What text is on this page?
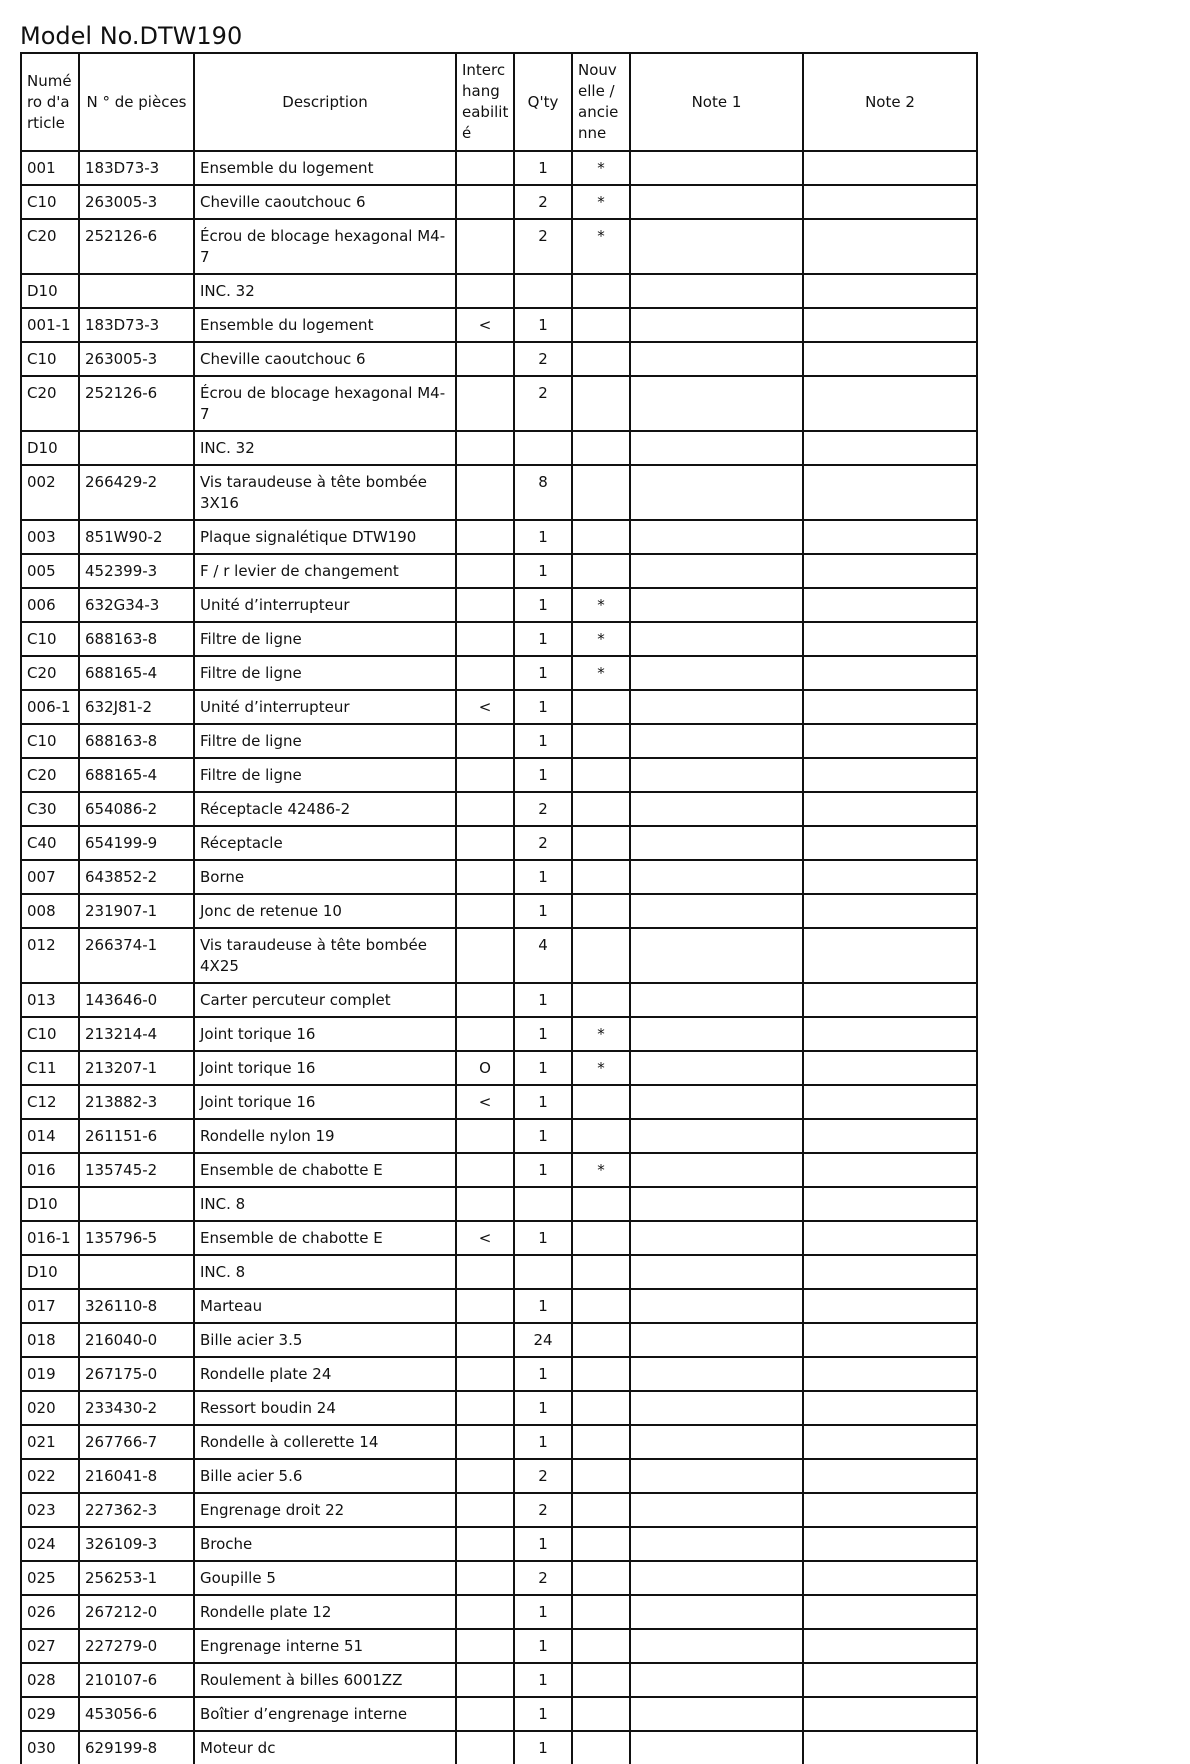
Model No.DTW190
Numé ro d'a rticle	N ° de pièces	Description	Interc hang eabilit é	Q'ty	Nouv elle / ancie nne	Note 1	Note 2
001	183D73-3	Ensemble du logement		1	*		
C10	263005-3	Cheville caoutchouc 6		2	*		
C20	252126-6	Écrou de blocage hexagonal M4-7		2	*		
D10		INC. 32					
001-1	183D73-3	Ensemble du logement	<	1			
C10	263005-3	Cheville caoutchouc 6		2			
C20	252126-6	Écrou de blocage hexagonal M4-7		2			
D10		INC. 32					
002	266429-2	Vis taraudeuse à tête bombée 3X16		8			
003	851W90-2	Plaque signalétique DTW190		1			
005	452399-3	F / r levier de changement		1			
006	632G34-3	Unité d’interrupteur		1	*		
C10	688163-8	Filtre de ligne		1	*		
C20	688165-4	Filtre de ligne		1	*		
006-1	632J81-2	Unité d’interrupteur	<	1			
C10	688163-8	Filtre de ligne		1			
C20	688165-4	Filtre de ligne		1			
C30	654086-2	Réceptacle 42486-2		2			
C40	654199-9	Réceptacle		2			
007	643852-2	Borne		1			
008	231907-1	Jonc de retenue 10		1			
012	266374-1	Vis taraudeuse à tête bombée 4X25		4			
013	143646-0	Carter percuteur complet		1			
C10	213214-4	Joint torique 16		1	*		
C11	213207-1	Joint torique 16	O	1	*		
C12	213882-3	Joint torique 16	<	1			
014	261151-6	Rondelle nylon 19		1			
016	135745-2	Ensemble de chabotte E		1	*		
D10		INC. 8					
016-1	135796-5	Ensemble de chabotte E	<	1			
D10		INC. 8					
017	326110-8	Marteau		1			
018	216040-0	Bille acier 3.5		24			
019	267175-0	Rondelle plate 24		1			
020	233430-2	Ressort boudin 24		1			
021	267766-7	Rondelle à collerette 14		1			
022	216041-8	Bille acier 5.6		2			
023	227362-3	Engrenage droit 22		2			
024	326109-3	Broche		1			
025	256253-1	Goupille 5		2			
026	267212-0	Rondelle plate 12		1			
027	227279-0	Engrenage interne 51		1			
028	210107-6	Roulement à billes 6001ZZ		1			
029	453056-6	Boîtier d’engrenage interne		1			
030	629199-8	Moteur dc		1			
